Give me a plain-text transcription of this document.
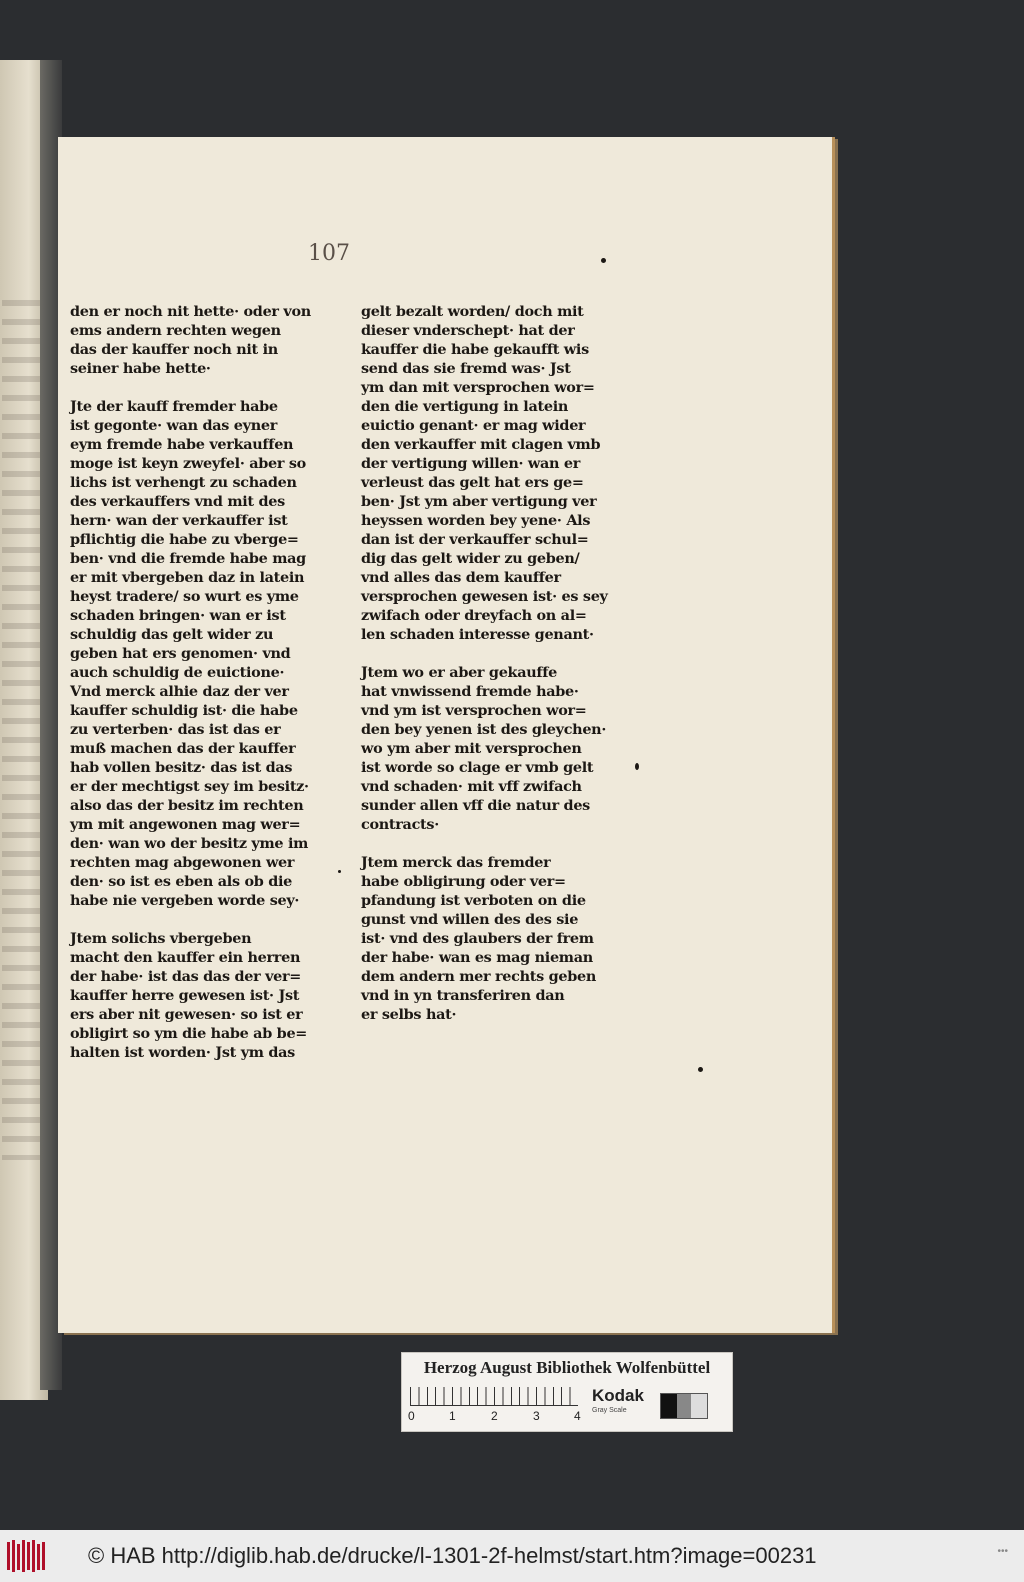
107
den er noch nit hette· oder von
ems andern rechten wegen
das der kauffer noch nit in
seiner habe hette·
Jte der kauff fremder habe
ist gegonte· wan das eyner
eym fremde habe verkauffen
moge ist keyn zweyfel· aber so
lichs ist verhengt zu schaden
des verkauffers vnd mit des
hern· wan der verkauffer ist
pflichtig die habe zu vberge=
ben· vnd die fremde habe mag
er mit vbergeben daz in latein
heyst tradere/ so wurt es yme
schaden bringen· wan er ist
schuldig das gelt wider zu
geben hat ers genomen· vnd
auch schuldig de euictione·
Vnd merck alhie daz der ver
kauffer schuldig ist· die habe
zu verterben· das ist das er
muß machen das der kauffer
hab vollen besitz· das ist das
er der mechtigst sey im besitz·
also das der besitz im rechten
ym mit angewonen mag wer=
den· wan wo der besitz yme im
rechten mag abgewonen wer
den· so ist es eben als ob die
habe nie vergeben worde sey·
Jtem solichs vbergeben
macht den kauffer ein herren
der habe· ist das das der ver=
kauffer herre gewesen ist· Jst
ers aber nit gewesen· so ist er
obligirt so ym die habe ab be=
halten ist worden· Jst ym das
gelt bezalt worden/ doch mit
dieser vnderschept· hat der
kauffer die habe gekaufft wis
send das sie fremd was· Jst
ym dan mit versprochen wor=
den die vertigung in latein
euictio genant· er mag wider
den verkauffer mit clagen vmb
der vertigung willen· wan er
verleust das gelt hat ers ge=
ben· Jst ym aber vertigung ver
heyssen worden bey yene· Als
dan ist der verkauffer schul=
dig das gelt wider zu geben/
vnd alles das dem kauffer
versprochen gewesen ist· es sey
zwifach oder dreyfach on al=
len schaden interesse genant·
Jtem wo er aber gekauffe
hat vnwissend fremde habe·
vnd ym ist versprochen wor=
den bey yenen ist des gleychen·
wo ym aber mit versprochen
ist worde so clage er vmb gelt
vnd schaden· mit vff zwifach
sunder allen vff die natur des
contracts·
Jtem merck das fremder
habe obligirung oder ver=
pfandung ist verboten on die
gunst vnd willen des des sie
ist· vnd des glaubers der frem
der habe· wan es mag nieman
dem andern mer rechts geben
vnd in yn transferiren dan
er selbs hat·
Herzog August Bibliothek Wolfenbüttel
0	1	2	3	4
Kodak
Gray Scale
© HAB http://diglib.hab.de/drucke/l-1301-2f-helmst/start.htm?image=00231	•••
